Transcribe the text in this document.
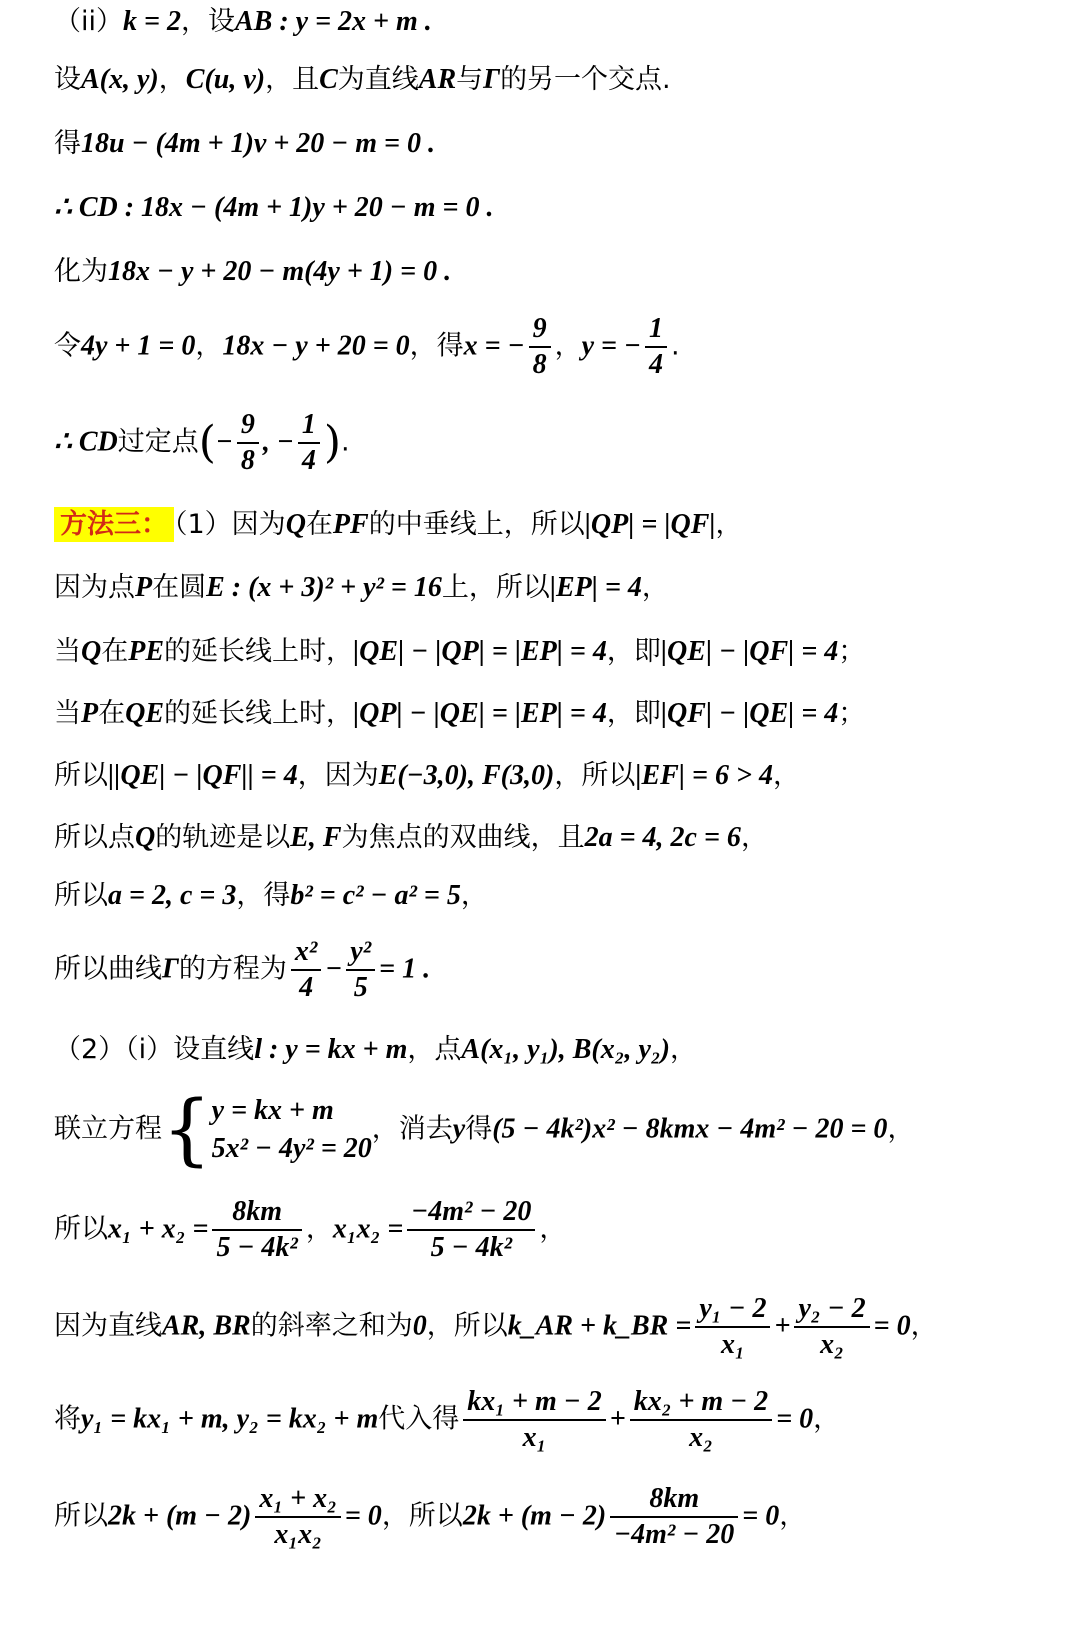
（ii）k = 2，设AB : y = 2x + m .
设A(x, y)，C(u, v)，且C为直线AR与Γ的另一个交点.
得18u − (4m + 1)v + 20 − m = 0 .
∴ CD : 18x − (4m + 1)y + 20 − m = 0 .
化为18x − y + 20 − m(4y + 1) = 0 .
令4y + 1 = 0，18x − y + 20 = 0，得x = − $\frac{9}{8}$ ，y = − $\frac{1}{4}$ .
∴ CD过定点(− $\frac{9}{8}$ , − $\frac{1}{4}$ ).
方法三： （1）因为Q在PF的中垂线上，所以|QP| = |QF|，
因为点P在圆E : (x + 3)² + y² = 16上，所以|EP| = 4，
当Q在PE的延长线上时，|QE| − |QP| = |EP| = 4，即|QE| − |QF| = 4；
当P在QE的延长线上时，|QP| − |QE| = |EP| = 4，即|QF| − |QE| = 4；
所以||QE| − |QF|| = 4，因为E(−3,0), F(3,0)，所以|EF| = 6 > 4，
所以点Q的轨迹是以E, F为焦点的双曲线，且2a = 4, 2c = 6，
所以a = 2, c = 3，得b² = c² − a² = 5，
所以曲线Γ的方程为 $\frac{\text{x²}}{4} - \frac{\text{y²}}{5} = 1$ .
（2）（i）设直线l : y = kx + m，点A(x₁, y₁), B(x₂, y₂)，
联立方程{ y = kx + m
5x² − 4y² = 20
，消去y得(5 − 4k²)x² − 8kmx − 4m² − 20 = 0，
所以$x_1 + x_2 = \frac{8km}{\text{5 − 4k²}}$ ，$x_1x_2 = \frac{\text{−4m² − 20}}{\text{5 − 4k²}}$ ，
因为直线AR, BR的斜率之和为0，所以k_AR + k_BR = $\frac{\text{y₁ − 2}}{\text{x₁}} + \frac{\text{y₂ − 2}}{\text{x₂}} = 0$，
将y₁ = kx₁ + m, y₂ = kx₂ + m代入得 $\frac{\text{kx₁ + m − 2}}{\text{x₁}} + \frac{\text{kx₂ + m − 2}}{\text{x₂}} = 0$，
所以$2k + (m - 2) \frac{\text{x₁ + x₂}}{\text{x₁x₂}} = 0$，所以$2k + (m - 2) \frac{8km}{\text{−4m² − 20}} = 0$，
